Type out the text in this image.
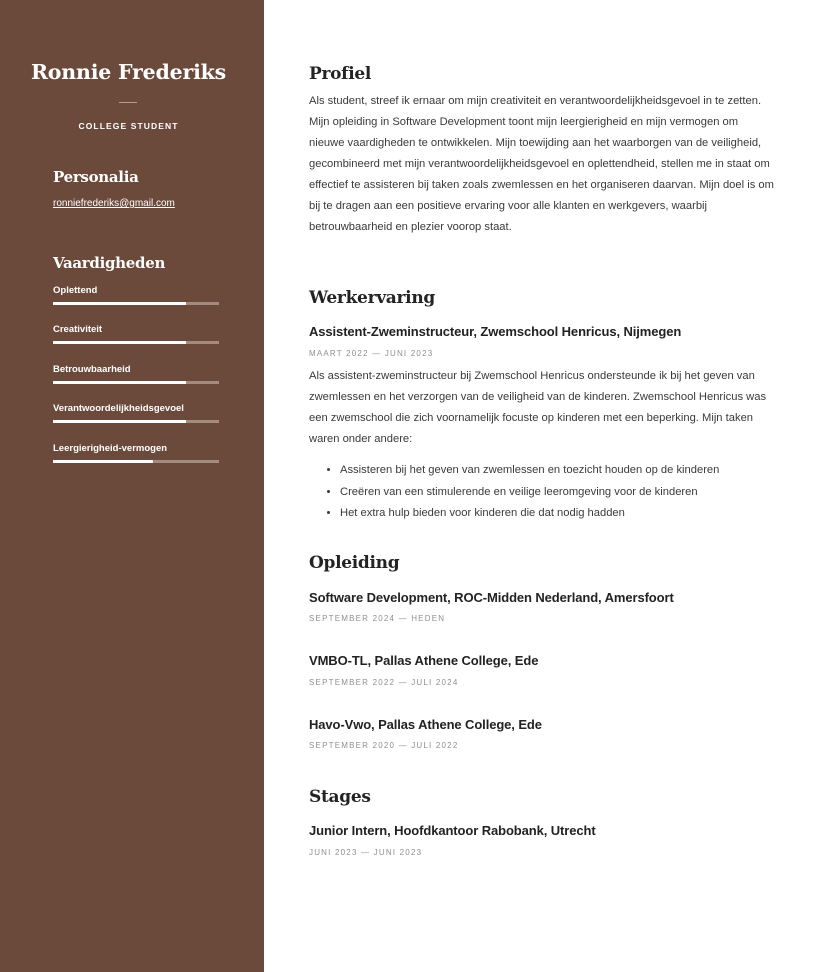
Ronnie Frederiks
COLLEGE STUDENT
Personalia
ronniefrederiks@gmail.com
Vaardigheden
Oplettend
Creativiteit
Betrouwbaarheid
Verantwoordelijkheidsgevoel
Leergierigheid-vermogen
Profiel
Als student, streef ik ernaar om mijn creativiteit en verantwoordelijkheidsgevoel in te zetten. Mijn opleiding in Software Development toont mijn leergierigheid en mijn vermogen om nieuwe vaardigheden te ontwikkelen. Mijn toewijding aan het waarborgen van de veiligheid, gecombineerd met mijn verantwoordelijkheidsgevoel en oplettendheid, stellen me in staat om effectief te assisteren bij taken zoals zwemlessen en het organiseren daarvan. Mijn doel is om bij te dragen aan een positieve ervaring voor alle klanten en werkgevers, waarbij betrouwbaarheid en plezier voorop staat.
Werkervaring
Assistent-Zweminstructeur, Zwemschool Henricus, Nijmegen
MAART 2022 — JUNI 2023
Als assistent-zweminstructeur bij Zwemschool Henricus ondersteunde ik bij het geven van zwemlessen en het verzorgen van de veiligheid van de kinderen. Zwemschool Henricus was een zwemschool die zich voornamelijk focuste op kinderen met een beperking. Mijn taken waren onder andere:
• Assisteren bij het geven van zwemlessen en toezicht houden op de kinderen
• Creëren van een stimulerende en veilige leeromgeving voor de kinderen
• Het extra hulp bieden voor kinderen die dat nodig hadden
Opleiding
Software Development, ROC-Midden Nederland, Amersfoort
SEPTEMBER 2024 — HEDEN
VMBO-TL, Pallas Athene College, Ede
SEPTEMBER 2022 — JULI 2024
Havo-Vwo, Pallas Athene College, Ede
SEPTEMBER 2020 — JULI 2022
Stages
Junior Intern, Hoofdkantoor Rabobank, Utrecht
JUNI 2023 — JUNI 2023
